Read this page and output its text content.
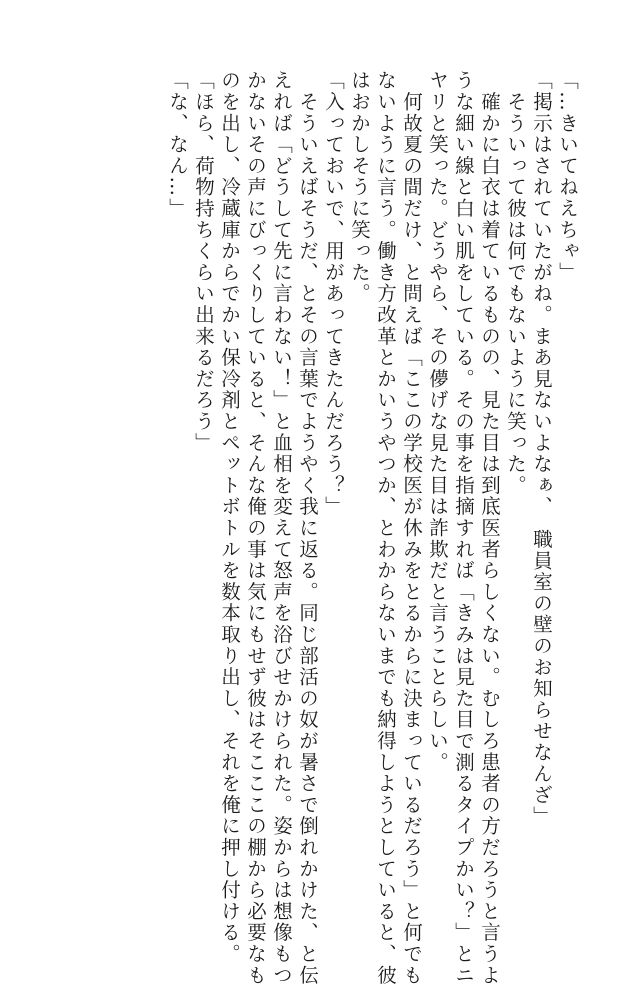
「…きいてねえちゃ」
「掲示はされていたがね。まあ見ないよなぁ、　職員室の壁のお知らせなんざ」
　そういって彼は何でもないように笑った。
　確かに白衣は着ているものの、見た目は到底医者らしくない。むしろ患者の方だろうと言うよ
うな細い線と白い肌をしている。その事を指摘すれば「きみは見た目で測るタイプかい？」とニ
ヤリと笑った。どうやら、その儚げな見た目は詐欺だと言うことらしい。
　何故夏の間だけ、と問えば「ここの学校医が休みをとるからに決まっているだろう」と何でも
ないように言う。働き方改革とかいうやつか、とわからないまでも納得しようとしていると、彼
はおかしそうに笑った。
「入っておいで、用があってきたんだろう？」
　そういえばそうだ、とその言葉でようやく我に返る。同じ部活の奴が暑さで倒れかけた、と伝
えれば「どうして先に言わない！」と血相を変えて怒声を浴びせかけられた。姿からは想像もつ
かないその声にびっくりしていると、そんな俺の事は気にもせず彼はそこここの棚から必要なも
のを出し、冷蔵庫からでかい保冷剤とペットボトルを数本取り出し、それを俺に押し付ける。
「ほら、荷物持ちくらい出来るだろう」
「な、なん…」
